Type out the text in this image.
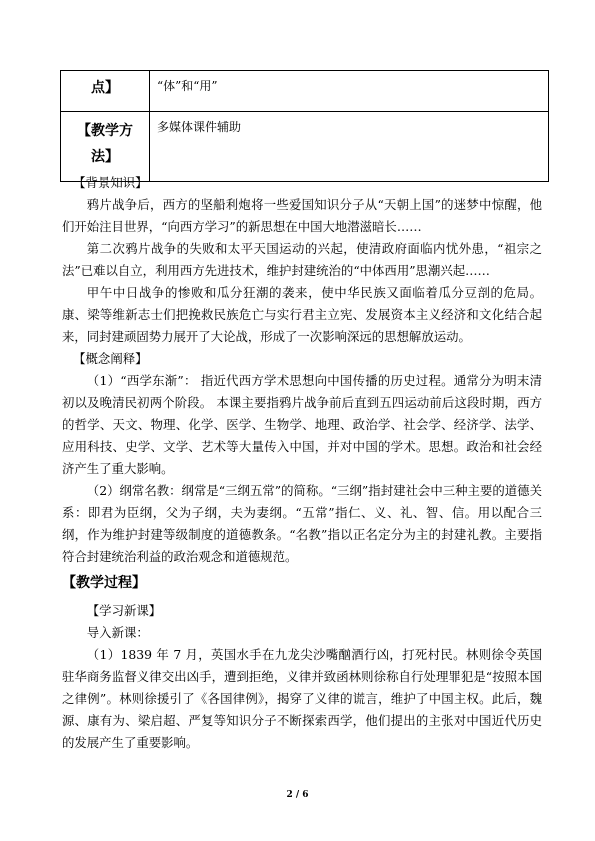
点】	“体”和“用”

【教学方
法】	多媒体课件辅助

【背景知识】

鸦片战争后，西方的坚船利炮将一些爱国知识分子从“天朝上国”的迷梦中惊醒，他们开始注目世界，“向西方学习”的新思想在中国大地潜滋暗长……

第二次鸦片战争的失败和太平天国运动的兴起，使清政府面临内忧外患，“祖宗之法”已难以自立，利用西方先进技术，维护封建统治的“中体西用”思潮兴起……

甲午中日战争的惨败和瓜分狂潮的袭来，使中华民族又面临着瓜分豆剖的危局。康、梁等维新志士们把挽救民族危亡与实行君主立宪、发展资本主义经济和文化结合起来，同封建顽固势力展开了大论战，形成了一次影响深远的思想解放运动。

【概念阐释】

（1）“西学东渐”： 指近代西方学术思想向中国传播的历史过程。通常分为明末清初以及晚清民初两个阶段。 本课主要指鸦片战争前后直到五四运动前后这段时期，西方的哲学、天文、物理、化学、医学、生物学、地理、政治学、社会学、经济学、法学、应用科技、史学、文学、艺术等大量传入中国，并对中国的学术。思想。政治和社会经济产生了重大影响。

（2）纲常名教：纲常是“三纲五常”的简称。“三纲”指封建社会中三种主要的道德关系：即君为臣纲，父为子纲，夫为妻纲。“五常”指仁、义、礼、智、信。用以配合三纲，作为维护封建等级制度的道德教条。“名教”指以正名定分为主的封建礼教。主要指符合封建统治利益的政治观念和道德规范。

【教学过程】

【学习新课】

导入新课：

（1）1839 年 7 月，英国水手在九龙尖沙嘴酗酒行凶，打死村民。林则徐令英国驻华商务监督义律交出凶手，遭到拒绝，义律并致函林则徐称自行处理罪犯是“按照本国之律例”。林则徐援引了《各国律例》，揭穿了义律的谎言，维护了中国主权。此后，魏源、康有为、梁启超、严复等知识分子不断探索西学，他们提出的主张对中国近代历史的发展产生了重要影响。

2 / 6
